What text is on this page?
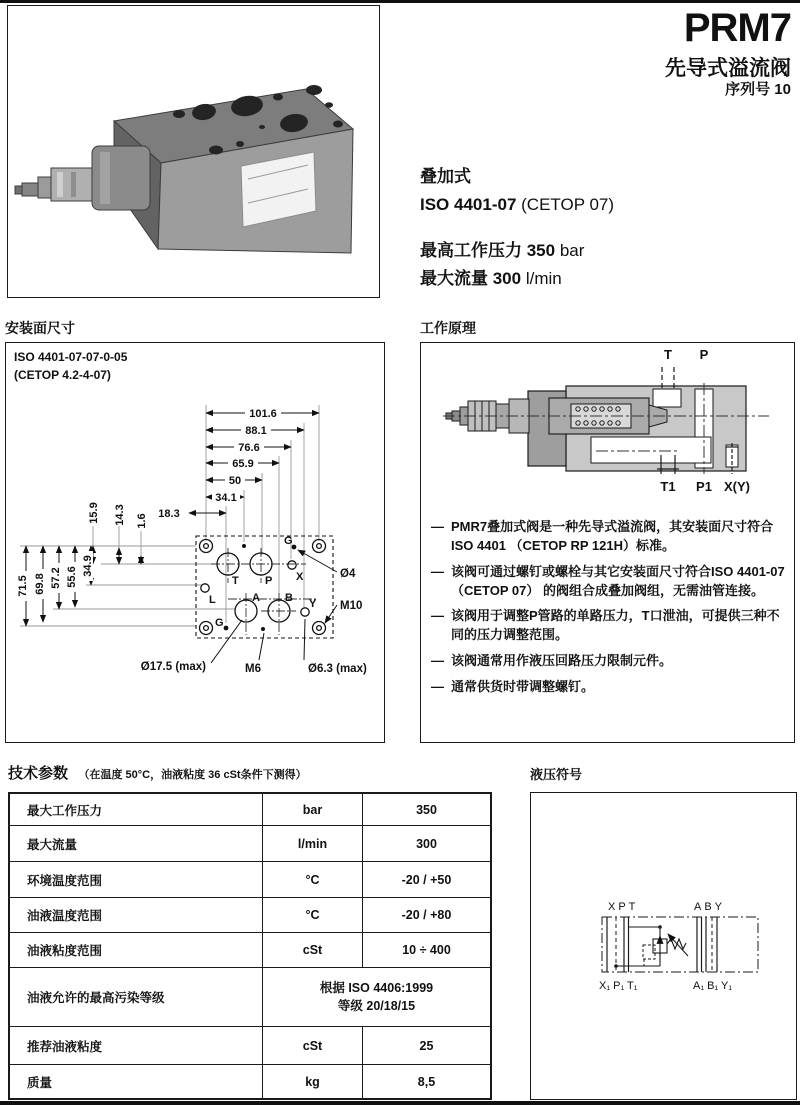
PRM7
先导式溢流阀
序列号 10
叠加式
ISO 4401-07 (CETOP 07)
最高工作压力 350 bar
最大流量 300 l/min
安装面尺寸
ISO 4401-07-07-0-05
(CETOP 4.2-4-07)
101.6
88.1
76.6
65.9
50
34.1
18.3
71.5 69.8 57.2 55.6
34.9
15.9 14.3 1.6
T P X
L	A B Y
G
G
Ø4
M10
Ø17.5 (max)	M6	Ø6.3 (max)
工作原理
T P
T1 P1 X(Y)
— PMR7叠加式阀是一种先导式溢流阀，其安装面尺寸符合 ISO 4401 （CETOP RP 121H）标准。
— 该阀可通过螺钉或螺栓与其它安装面尺寸符合ISO 4401-07 （CETOP 07） 的阀组合成叠加阀组，无需油管连接。
— 该阀用于调整P管路的单路压力，T口泄油，可提供三种不同的压力调整范围。
— 该阀通常用作液压回路压力限制元件。
— 通常供货时带调整螺钉。
技术参数 （在温度 50°C，油液粘度 36 cSt条件下测得）
最大工作压力	bar	350
最大流量	l/min	300
环境温度范围	°C	-20 / +50
油液温度范围	°C	-20 / +80
油液粘度范围	cSt	10 ÷ 400
油液允许的最高污染等级
根据 ISO 4406:1999
等级 20/18/15
推荐油液粘度	cSt	25
质量	kg	8,5
液压符号
XPT	ABY
X₁ P₁ T₁	A₁ B₁ Y₁
